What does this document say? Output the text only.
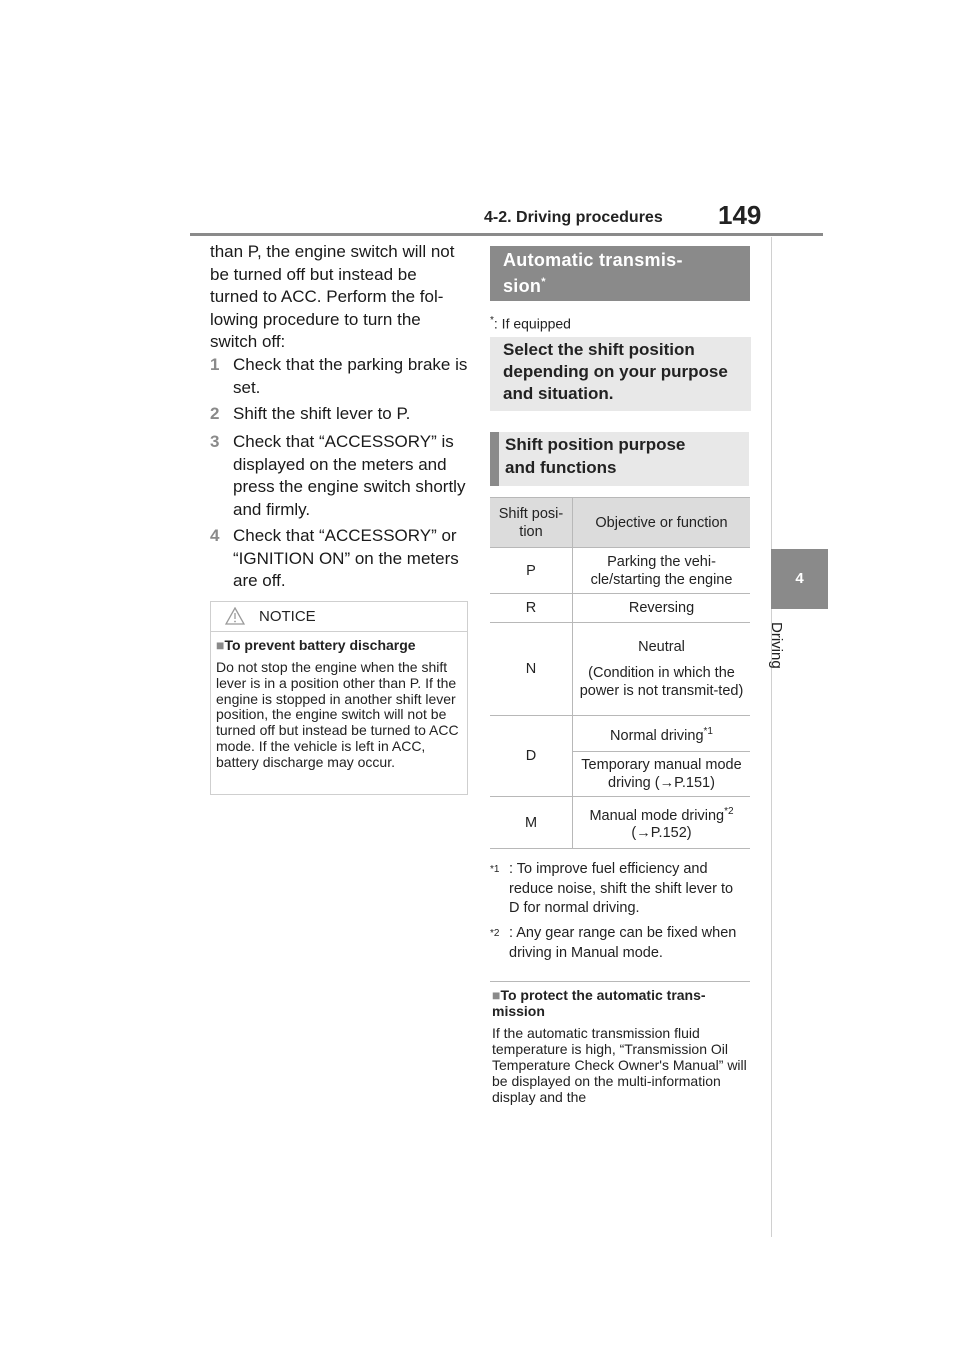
4-2. Driving procedures 149
4
Driving
than P, the engine switch will not be turned off but instead be turned to ACC. Perform the fol-lowing procedure to turn the switch off:
1 Check that the parking brake is set.
2 Shift the shift lever to P.
3 Check that “ACCESSORY” is displayed on the meters and press the engine switch shortly and firmly.
4 Check that “ACCESSORY” or “IGNITION ON” on the meters are off.
NOTICE
■To prevent battery discharge
Do not stop the engine when the shift lever is in a position other than P. If the engine is stopped in another shift lever position, the engine switch will not be turned off but instead be turned to ACC mode. If the vehicle is left in ACC, battery discharge may occur.
Automatic transmis-
sion*
*: If equipped
Select the shift position depending on your purpose and situation.
Shift position purpose
and functions
Shift posi-tion	Objective or function
P	Parking the vehi-cle/starting the engine
R	Reversing
N	Neutral

(Condition in which the power is not transmit-ted)

D	Normal driving$^{*1}$
	Temporary manual mode driving (→P.151)
M	Manual mode driving$^{*2}$

(→P.152)

$^{*1}$ : To improve fuel efficiency and reduce noise, shift the shift lever to D for normal driving.
$^{*2}$ : Any gear range can be fixed when driving in Manual mode.
■To protect the automatic trans-mission
If the automatic transmission fluid temperature is high, “Transmission Oil Temperature Check Owner's Manual” will be displayed on the multi-information display and the
